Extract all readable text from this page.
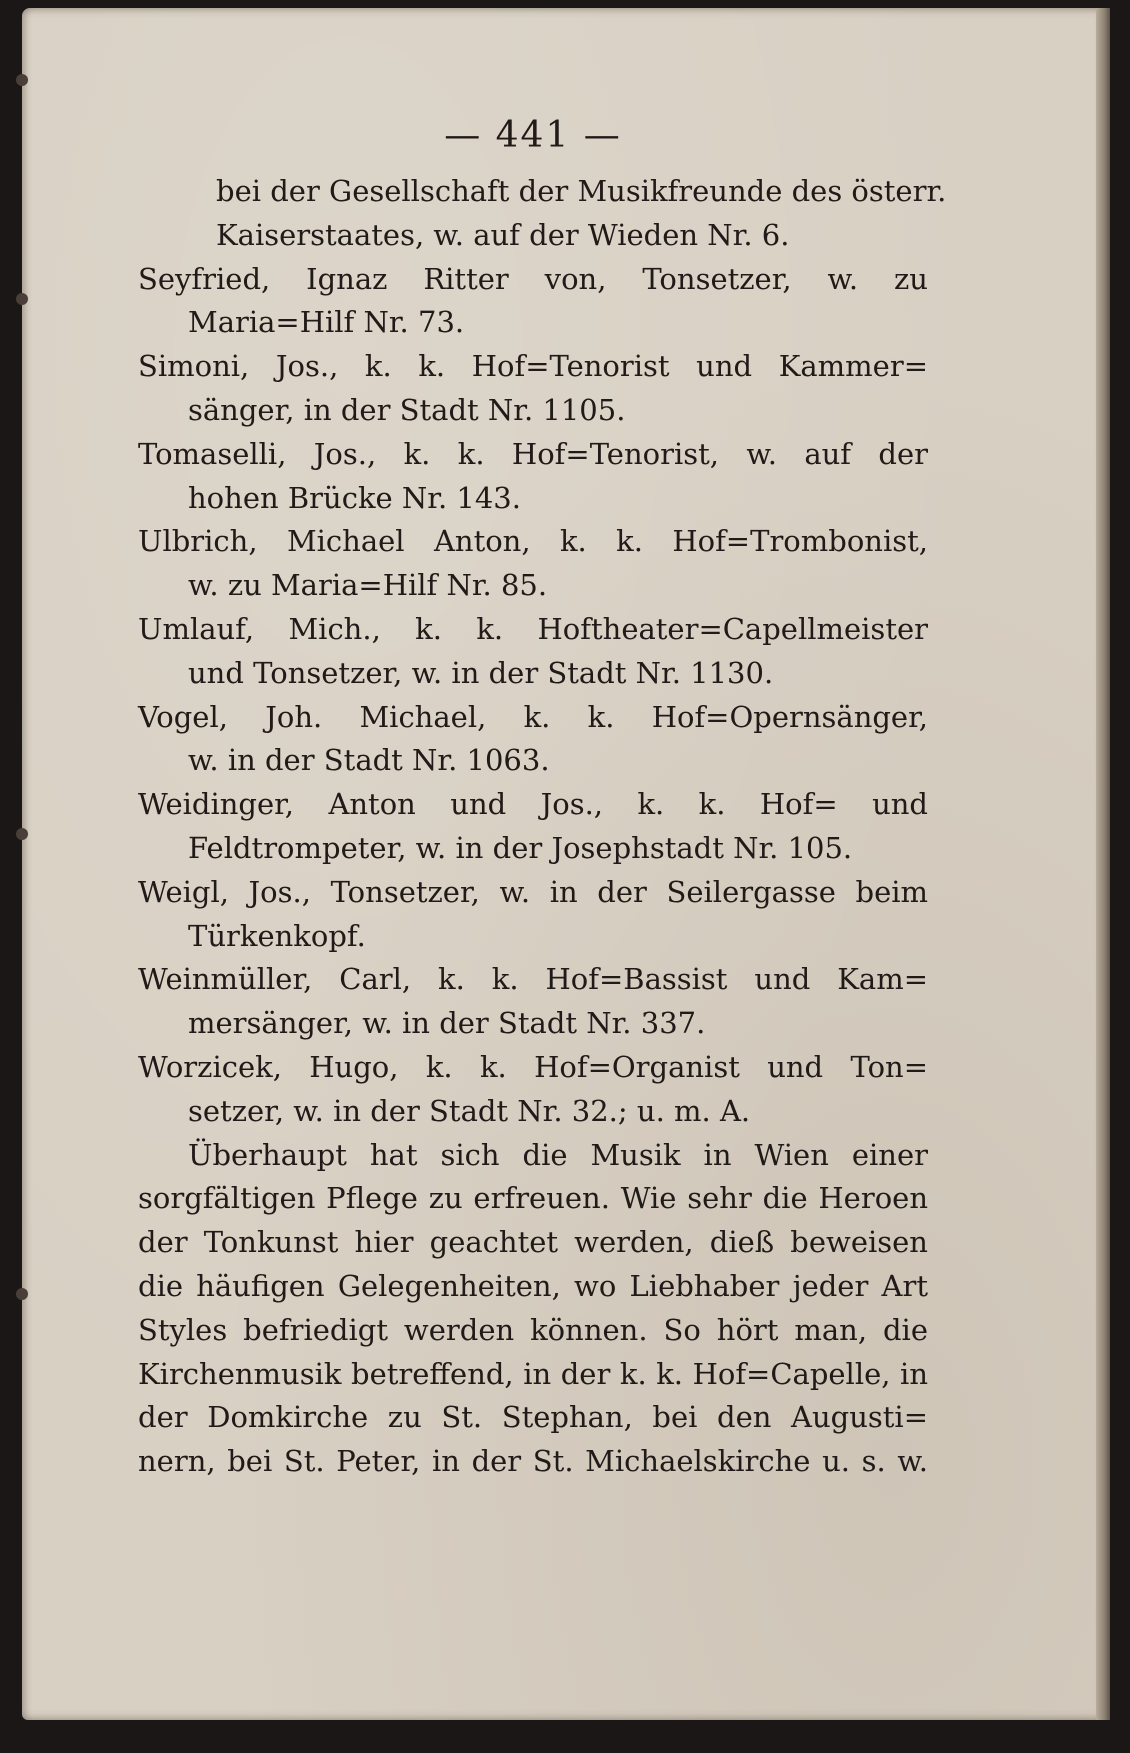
— 441 —
bei der Gesellschaft der Musikfreunde des österr.
Kaiserstaates, w. auf der Wieden Nr. 6.
Seyfried, Ignaz Ritter von, Tonsetzer, w. zu
Maria=Hilf Nr. 73.
Simoni, Jos., k. k. Hof=Tenorist und Kammer=
sänger, in der Stadt Nr. 1105.
Tomaselli, Jos., k. k. Hof=Tenorist, w. auf der
hohen Brücke Nr. 143.
Ulbrich, Michael Anton, k. k. Hof=Trombonist,
w. zu Maria=Hilf Nr. 85.
Umlauf, Mich., k. k. Hoftheater=Capellmeister
und Tonsetzer, w. in der Stadt Nr. 1130.
Vogel, Joh. Michael, k. k. Hof=Opernsänger,
w. in der Stadt Nr. 1063.
Weidinger, Anton und Jos., k. k. Hof= und
Feldtrompeter, w. in der Josephstadt Nr. 105.
Weigl, Jos., Tonsetzer, w. in der Seilergasse beim
Türkenkopf.
Weinmüller, Carl, k. k. Hof=Bassist und Kam=
mersänger, w. in der Stadt Nr. 337.
Worzicek, Hugo, k. k. Hof=Organist und Ton=
setzer, w. in der Stadt Nr. 32.; u. m. A.
Überhaupt hat sich die Musik in Wien einer
sorgfältigen Pflege zu erfreuen. Wie sehr die Heroen
der Tonkunst hier geachtet werden, dieß beweisen
die häufigen Gelegenheiten, wo Liebhaber jeder Art
Styles befriedigt werden können. So hört man, die
Kirchenmusik betreffend, in der k. k. Hof=Capelle, in
der Domkirche zu St. Stephan, bei den Augusti=
nern, bei St. Peter, in der St. Michaelskirche u. s. w.
